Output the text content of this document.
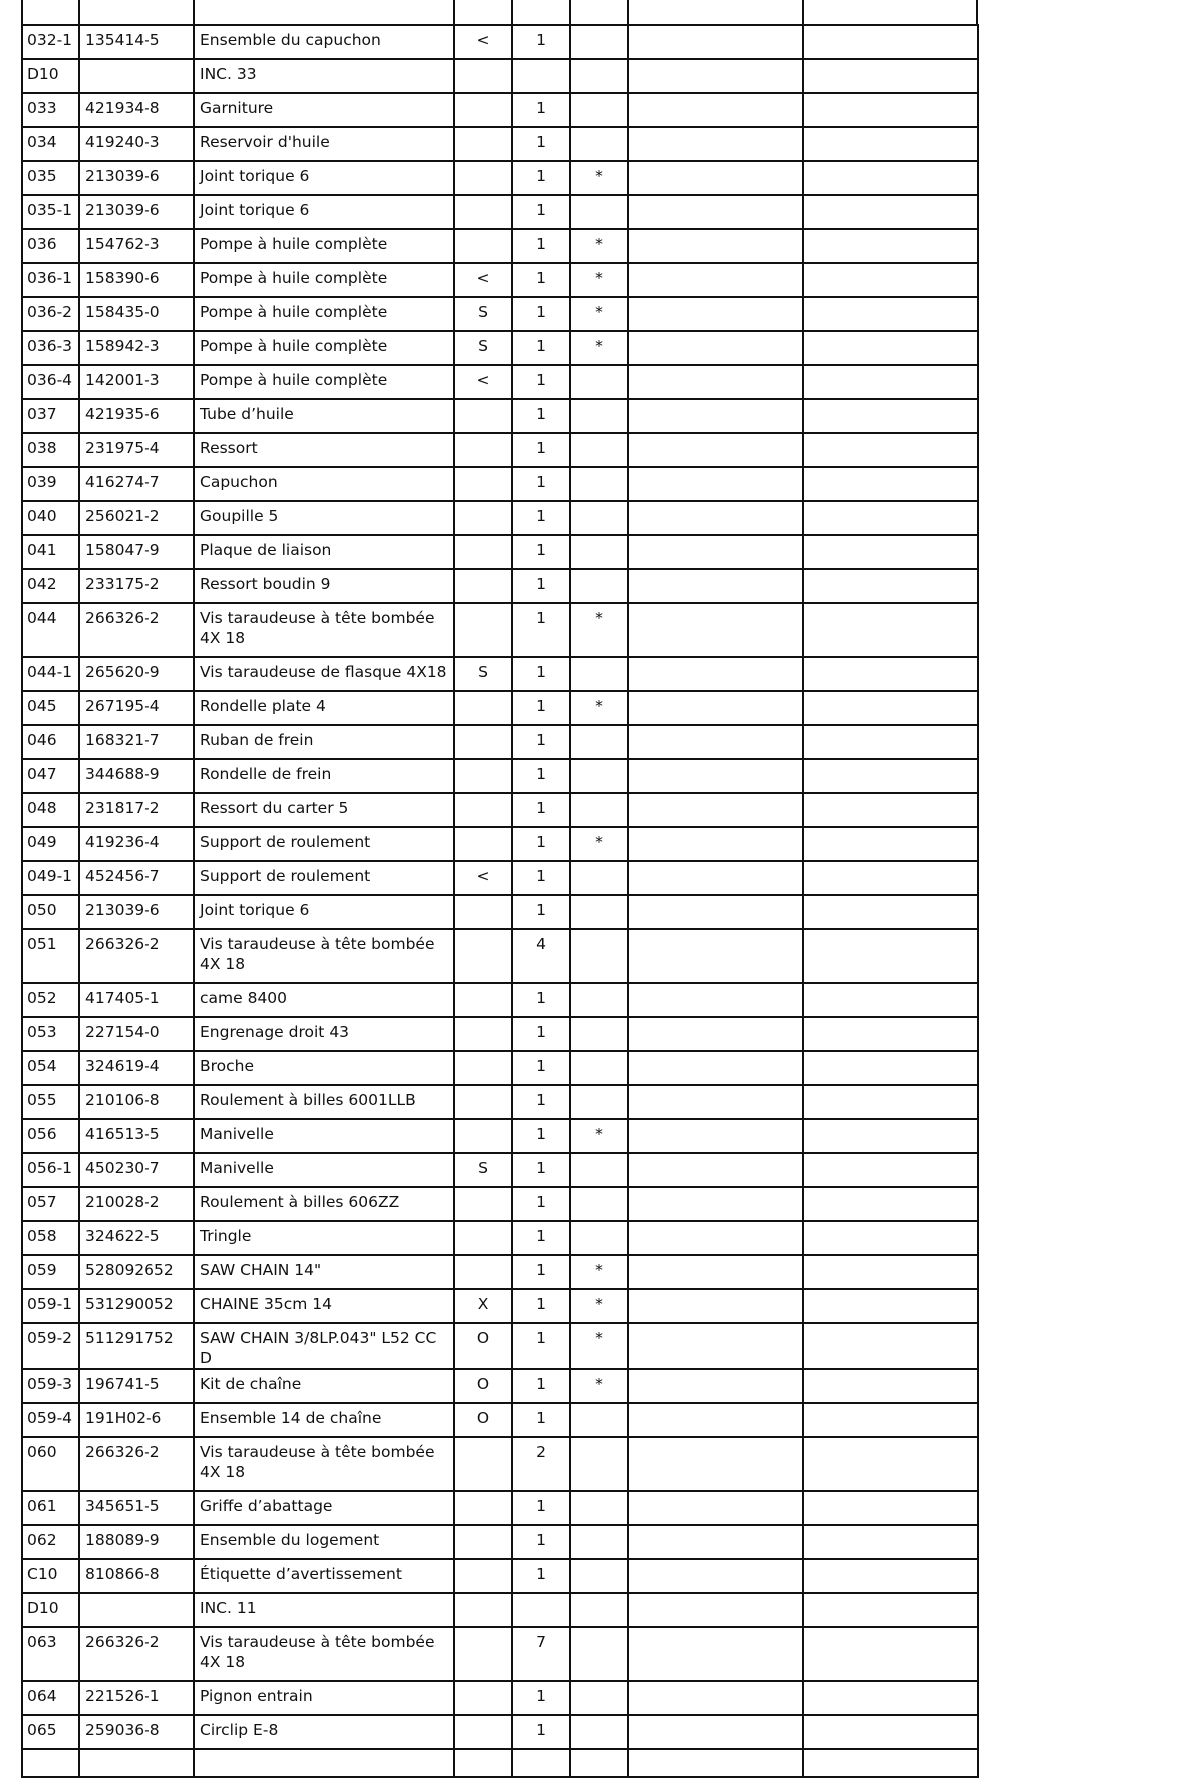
032-1	135414-5	Ensemble du capuchon	<	1			
D10		INC. 33					
033	421934-8	Garniture		1			
034	419240-3	Reservoir d'huile		1			
035	213039-6	Joint torique 6		1	*		
035-1	213039-6	Joint torique 6		1			
036	154762-3	Pompe à huile complète		1	*		
036-1	158390-6	Pompe à huile complète	<	1	*		
036-2	158435-0	Pompe à huile complète	S	1	*		
036-3	158942-3	Pompe à huile complète	S	1	*		
036-4	142001-3	Pompe à huile complète	<	1			
037	421935-6	Tube d’huile		1			
038	231975-4	Ressort		1			
039	416274-7	Capuchon		1			
040	256021-2	Goupille 5		1			
041	158047-9	Plaque de liaison		1			
042	233175-2	Ressort boudin 9		1			
044	266326-2	Vis taraudeuse à tête bombée 4X 18		1	*		
044-1	265620-9	Vis taraudeuse de flasque 4X18	S	1			
045	267195-4	Rondelle plate 4		1	*		
046	168321-7	Ruban de frein		1			
047	344688-9	Rondelle de frein		1			
048	231817-2	Ressort du carter 5		1			
049	419236-4	Support de roulement		1	*		
049-1	452456-7	Support de roulement	<	1			
050	213039-6	Joint torique 6		1			
051	266326-2	Vis taraudeuse à tête bombée 4X 18		4			
052	417405-1	came 8400		1			
053	227154-0	Engrenage droit 43		1			
054	324619-4	Broche		1			
055	210106-8	Roulement à billes 6001LLB		1			
056	416513-5	Manivelle		1	*		
056-1	450230-7	Manivelle	S	1			
057	210028-2	Roulement à billes 606ZZ		1			
058	324622-5	Tringle		1			
059	528092652	SAW CHAIN 14"		1	*		
059-1	531290052	CHAINE 35cm 14	X	1	*		
059-2	511291752	SAW CHAIN 3/8LP.043" L52 CC D	O	1	*		
059-3	196741-5	Kit de chaîne	O	1	*		
059-4	191H02-6	Ensemble 14 de chaîne	O	1			
060	266326-2	Vis taraudeuse à tête bombée 4X 18		2			
061	345651-5	Griffe d’abattage		1			
062	188089-9	Ensemble du logement		1			
C10	810866-8	Étiquette d’avertissement		1			
D10		INC. 11					
063	266326-2	Vis taraudeuse à tête bombée 4X 18		7			
064	221526-1	Pignon entrain		1			
065	259036-8	Circlip E-8		1			
